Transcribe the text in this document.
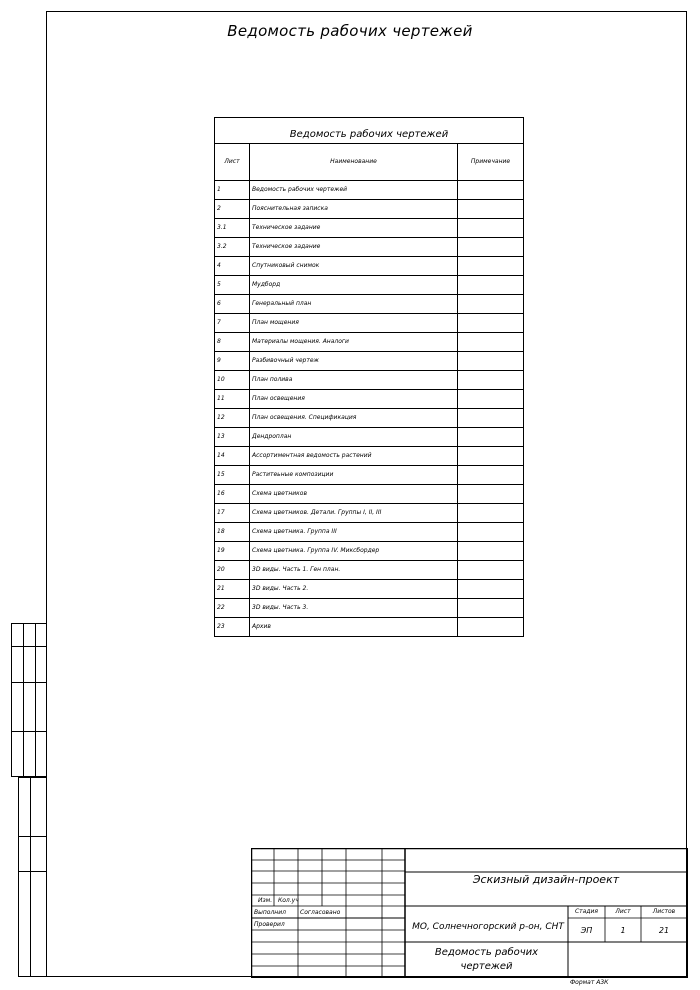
Ведомость рабочих чертежей
Ведомость рабочих чертежей
Лист	Наименование	Примечание
1	Ведомость рабочих чертежей
2	Пояснительная записка
3.1	Техническое задание
3.2	Техническое задание
4	Спутниковый снимок
5	Мудборд
6	Генеральный план
7	План мощения
8	Материалы мощения. Аналоги
9	Разбивочный чертеж
10	План полива
11	План освещения
12	План освещения. Спецификация
13	Дендроплан
14	Ассортиментная ведомость растений
15	Раститеьные композиции
16	Схема цветников
17	Схема цветников. Детали. Группы I, II, III
18	Схема цветника. Группа III
19	Схема цветника. Группа IV. Миксбордер
20	3D виды. Часть 1. Ген план.
21	3D виды. Часть 2.
22	3D виды. Часть 3.
23	Архив
Изм. Кол.уч
Выполнил Согласовано
Проверил
Эскизный дизайн-проект
МО, Солнечногорский р-он, СНТ
Стадия	Лист	Листов
ЭП	1	21
Ведомость рабочих
чертежей
Формат А3К
